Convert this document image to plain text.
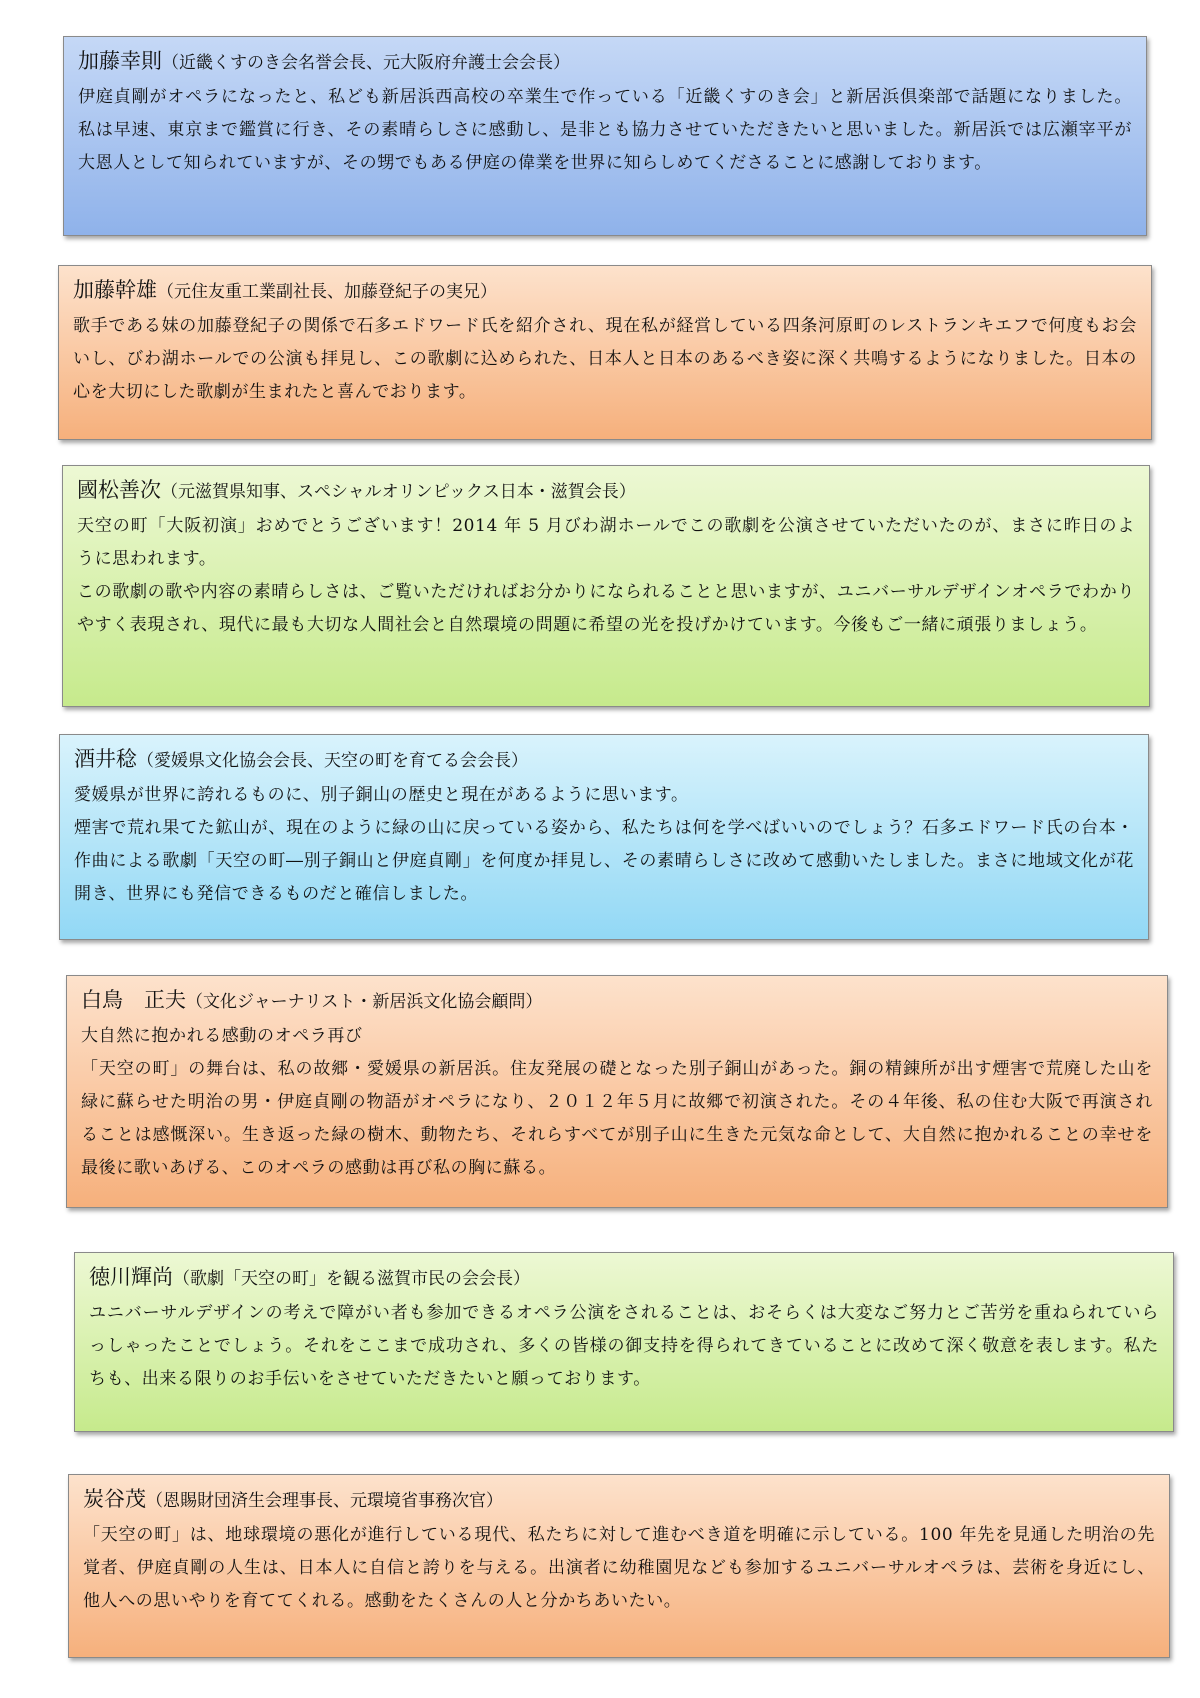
加藤幸則（近畿くすのき会名誉会長、元大阪府弁護士会会長）

伊庭貞剛がオペラになったと、私ども新居浜西高校の卒業生で作っている「近畿くすのき会」と新居浜倶楽部で話題になりました。私は早速、東京まで鑑賞に行き、その素晴らしさに感動し、是非とも協力させていただきたいと思いました。新居浜では広瀬宰平が大恩人として知られていますが、その甥でもある伊庭の偉業を世界に知らしめてくださることに感謝しております。

加藤幹雄（元住友重工業副社長、加藤登紀子の実兄）

歌手である妹の加藤登紀子の関係で石多エドワード氏を紹介され、現在私が経営している四条河原町のレストランキエフで何度もお会いし、びわ湖ホールでの公演も拝見し、この歌劇に込められた、日本人と日本のあるべき姿に深く共鳴するようになりました。日本の心を大切にした歌劇が生まれたと喜んでおります。

國松善次（元滋賀県知事、スペシャルオリンピックス日本・滋賀会長）

天空の町「大阪初演」おめでとうございます！2014 年 5 月びわ湖ホールでこの歌劇を公演させていただいたのが、まさに昨日のように思われます。

この歌劇の歌や内容の素晴らしさは、ご覧いただければお分かりになられることと思いますが、ユニバーサルデザインオペラでわかりやすく表現され、現代に最も大切な人間社会と自然環境の問題に希望の光を投げかけています。今後もご一緒に頑張りましょう。

酒井稔（愛媛県文化協会会長、天空の町を育てる会会長）

愛媛県が世界に誇れるものに、別子銅山の歴史と現在があるように思います。

煙害で荒れ果てた鉱山が、現在のように緑の山に戻っている姿から、私たちは何を学べばいいのでしょう？石多エドワード氏の台本・作曲による歌劇「天空の町―別子銅山と伊庭貞剛」を何度か拝見し、その素晴らしさに改めて感動いたしました。まさに地域文化が花開き、世界にも発信できるものだと確信しました。

白鳥　正夫（文化ジャーナリスト・新居浜文化協会顧問）

大自然に抱かれる感動のオペラ再び

「天空の町」の舞台は、私の故郷・愛媛県の新居浜。住友発展の礎となった別子銅山があった。銅の精錬所が出す煙害で荒廃した山を緑に蘇らせた明治の男・伊庭貞剛の物語がオペラになり、２０１２年５月に故郷で初演された。その４年後、私の住む大阪で再演されることは感慨深い。生き返った緑の樹木、動物たち、それらすべてが別子山に生きた元気な命として、大自然に抱かれることの幸せを最後に歌いあげる、このオペラの感動は再び私の胸に蘇る。

徳川輝尚（歌劇「天空の町」を観る滋賀市民の会会長）

ユニバーサルデザインの考えで障がい者も参加できるオペラ公演をされることは、おそらくは大変なご努力とご苦労を重ねられていらっしゃったことでしょう。それをここまで成功され、多くの皆様の御支持を得られてきていることに改めて深く敬意を表します。私たちも、出来る限りのお手伝いをさせていただきたいと願っております。

炭谷茂（恩賜財団済生会理事長、元環境省事務次官）

「天空の町」は、地球環境の悪化が進行している現代、私たちに対して進むべき道を明確に示している。100 年先を見通した明治の先覚者、伊庭貞剛の人生は、日本人に自信と誇りを与える。出演者に幼稚園児なども参加するユニバーサルオペラは、芸術を身近にし、他人への思いやりを育ててくれる。感動をたくさんの人と分かちあいたい。
